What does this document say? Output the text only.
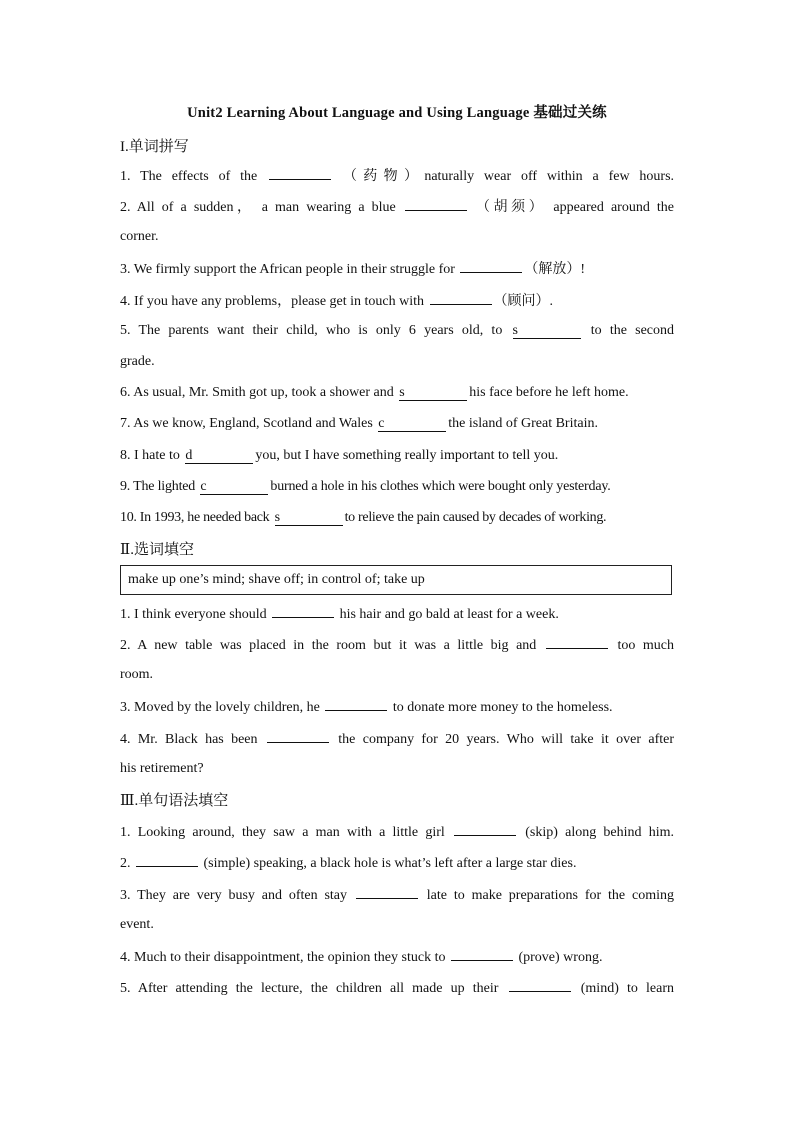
Unit2 Learning About Language and Using Language 基础过关练
I.单词拼写
1. The effects of the	（药物）naturally wear off within a few hours.
2. All of a sudden， a man wearing a blue	（胡须） appeared around the
corner.
3. We firmly support the African people in their struggle for	（解放）!
4. If you have any problems，please get in touch with	（顾问）.
5. The parents want their child, who is only 6 years old, to s	to the second
grade.
6. As usual, Mr. Smith got up, took a shower and s	his face before he left home.
7. As we know, England, Scotland and Wales c	the island of Great Britain.
8. I hate to d	you, but I have something really important to tell you.
9. The lighted c	burned a hole in his clothes which were bought only yesterday.
10. In 1993, he needed back s	to relieve the pain caused by decades of working.
Ⅱ.选词填空
make up one’s mind; shave off; in control of; take up
1. I think everyone should	his hair and go bald at least for a week.
2. A new table was placed in the room but it was a little big and	too much
room.
3. Moved by the lovely children, he	to donate more money to the homeless.
4. Mr. Black has been	the company for 20 years. Who will take it over after
his retirement?
Ⅲ.单句语法填空
1. Looking around, they saw a man with a little girl	(skip) along behind him.
2.	(simple) speaking, a black hole is what’s left after a large star dies.
3. They are very busy and often stay	late to make preparations for the coming
event.
4. Much to their disappointment, the opinion they stuck to	(prove) wrong.
5. After attending the lecture, the children all made up their	(mind) to learn
